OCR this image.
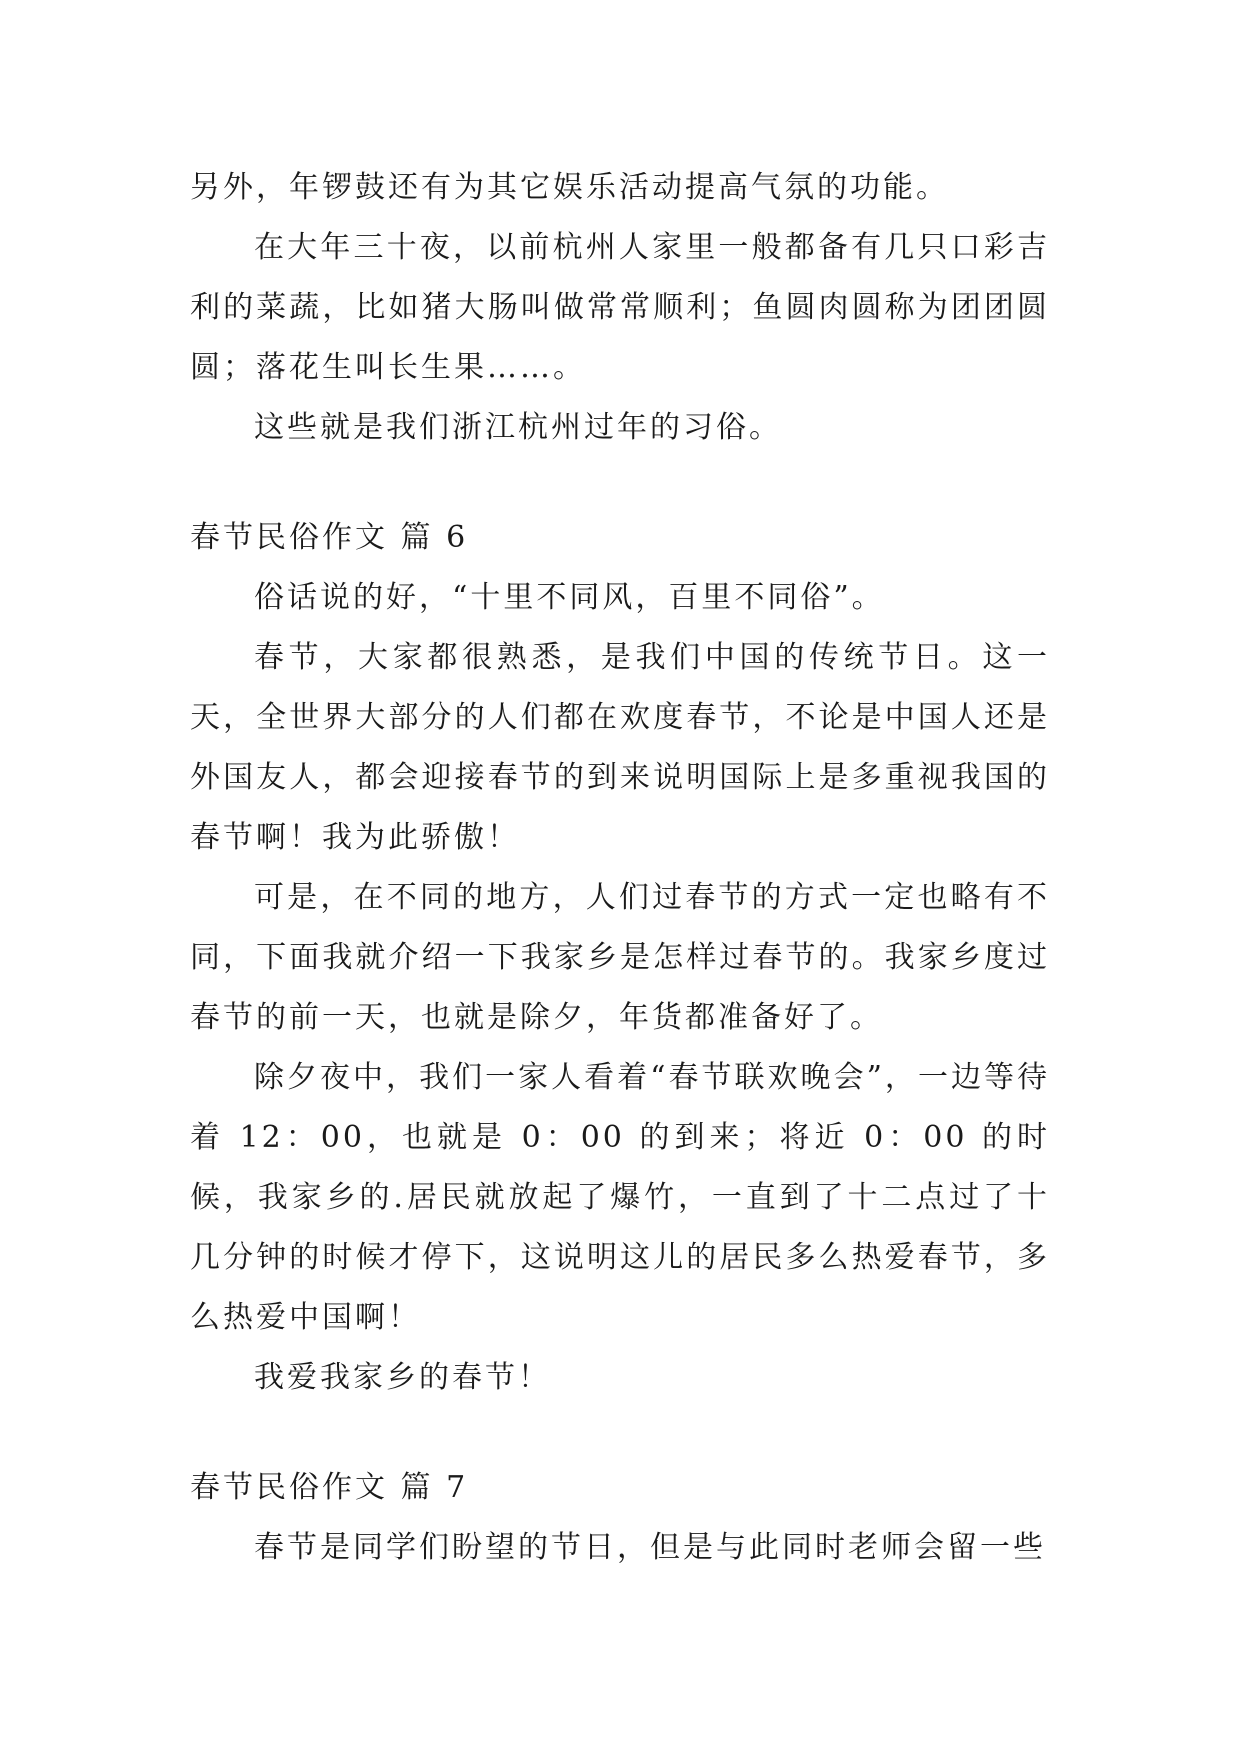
另外，年锣鼓还有为其它娱乐活动提高气氛的功能。

在大年三十夜，以前杭州人家里一般都备有几只口彩吉利的菜蔬，比如猪大肠叫做常常顺利；鱼圆肉圆称为团团圆圆；落花生叫长生果……。

这些就是我们浙江杭州过年的习俗。

春节民俗作文 篇 6

俗话说的好，“十里不同风，百里不同俗”。

春节，大家都很熟悉，是我们中国的传统节日。这一天，全世界大部分的人们都在欢度春节，不论是中国人还是外国友人，都会迎接春节的到来说明国际上是多重视我国的春节啊！我为此骄傲！

可是，在不同的地方，人们过春节的方式一定也略有不同，下面我就介绍一下我家乡是怎样过春节的。我家乡度过春节的前一天，也就是除夕，年货都准备好了。

除夕夜中，我们一家人看着“春节联欢晚会”，一边等待着 12：00，也就是 0：00 的到来；将近 0：00 的时候，我家乡的.居民就放起了爆竹，一直到了十二点过了十几分钟的时候才停下，这说明这儿的居民多么热爱春节，多么热爱中国啊！

我爱我家乡的春节！

春节民俗作文 篇 7

春节是同学们盼望的节日，但是与此同时老师会留一些
